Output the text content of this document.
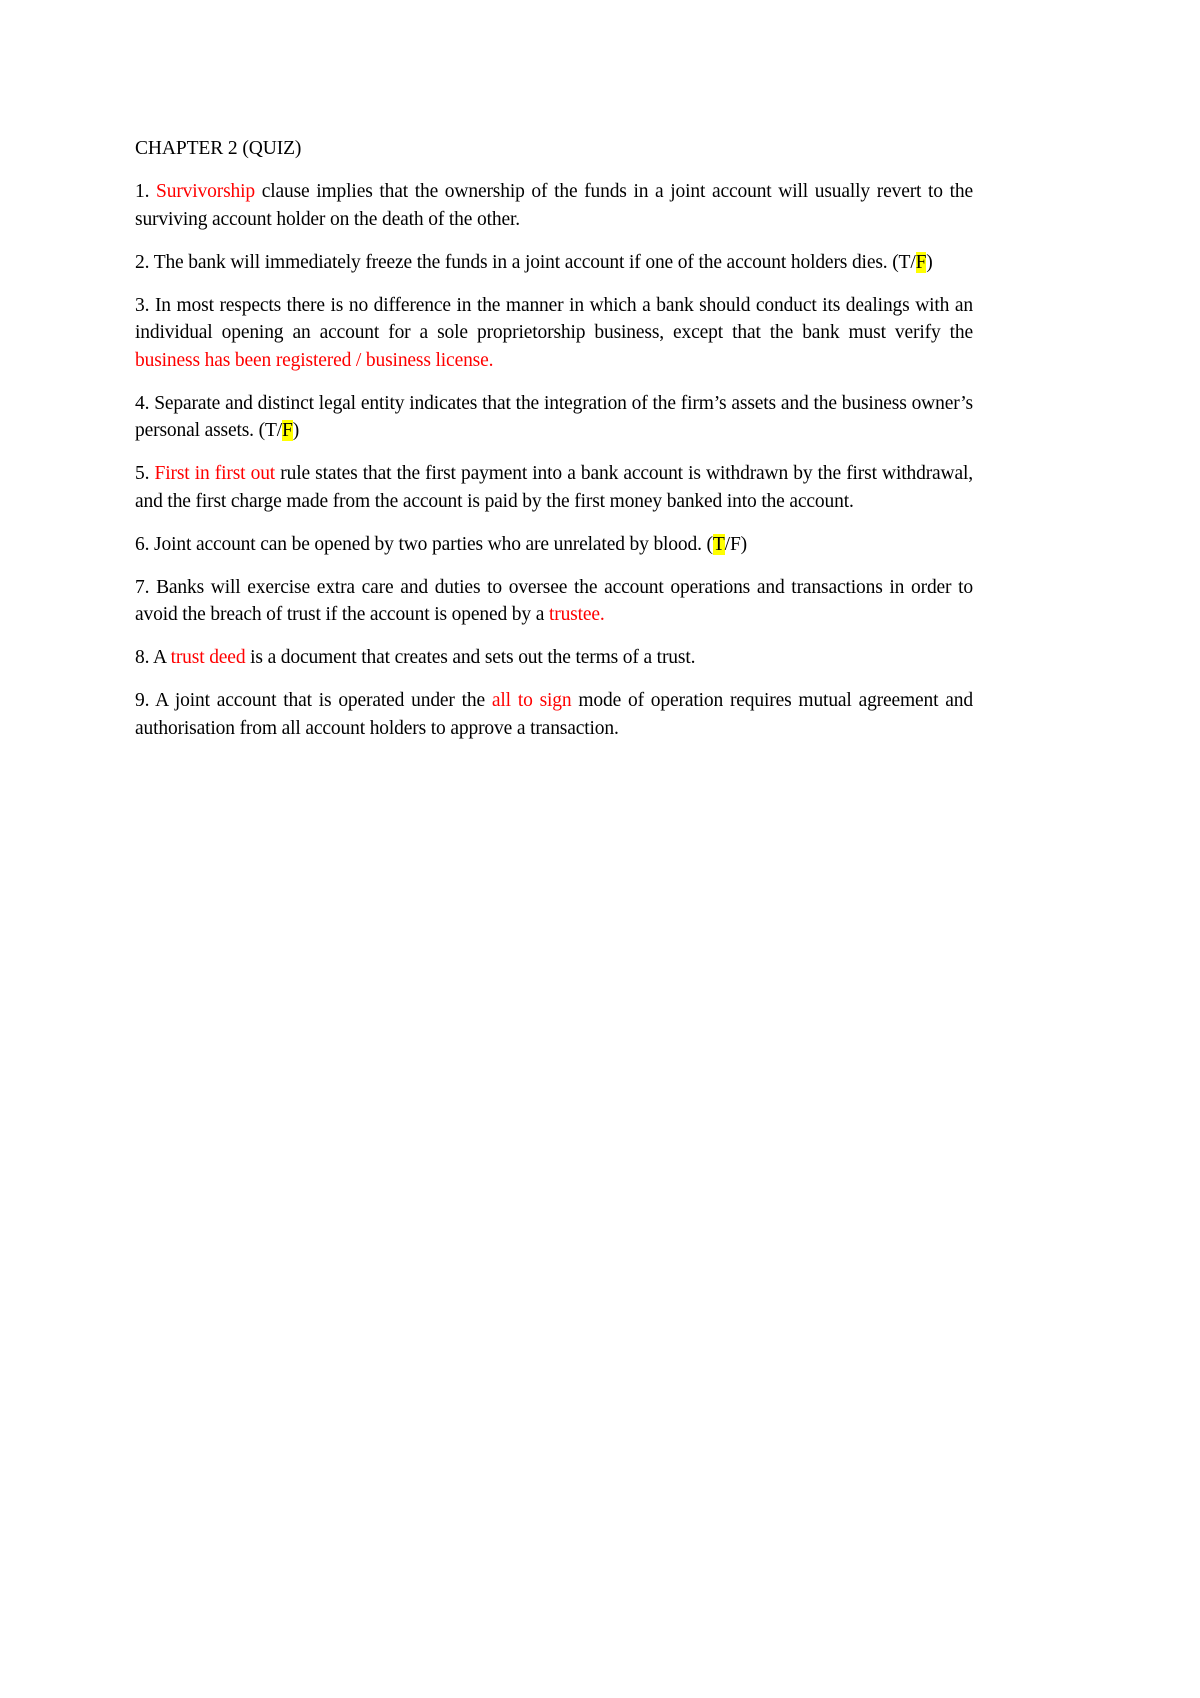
CHAPTER 2 (QUIZ)

1. Survivorship clause implies that the ownership of the funds in a joint account will usually revert to the surviving account holder on the death of the other.

2. The bank will immediately freeze the funds in a joint account if one of the account holders dies. (T/F)

3. In most respects there is no difference in the manner in which a bank should conduct its dealings with an individual opening an account for a sole proprietorship business, except that the bank must verify the business has been registered / business license.

4. Separate and distinct legal entity indicates that the integration of the firm’s assets and the business owner’s personal assets. (T/F)

5. First in first out rule states that the first payment into a bank account is withdrawn by the first withdrawal, and the first charge made from the account is paid by the first money banked into the account.

6. Joint account can be opened by two parties who are unrelated by blood. (T/F)

7. Banks will exercise extra care and duties to oversee the account operations and transactions in order to avoid the breach of trust if the account is opened by a trustee.

8. A trust deed is a document that creates and sets out the terms of a trust.

9. A joint account that is operated under the all to sign mode of operation requires mutual agreement and authorisation from all account holders to approve a transaction.
